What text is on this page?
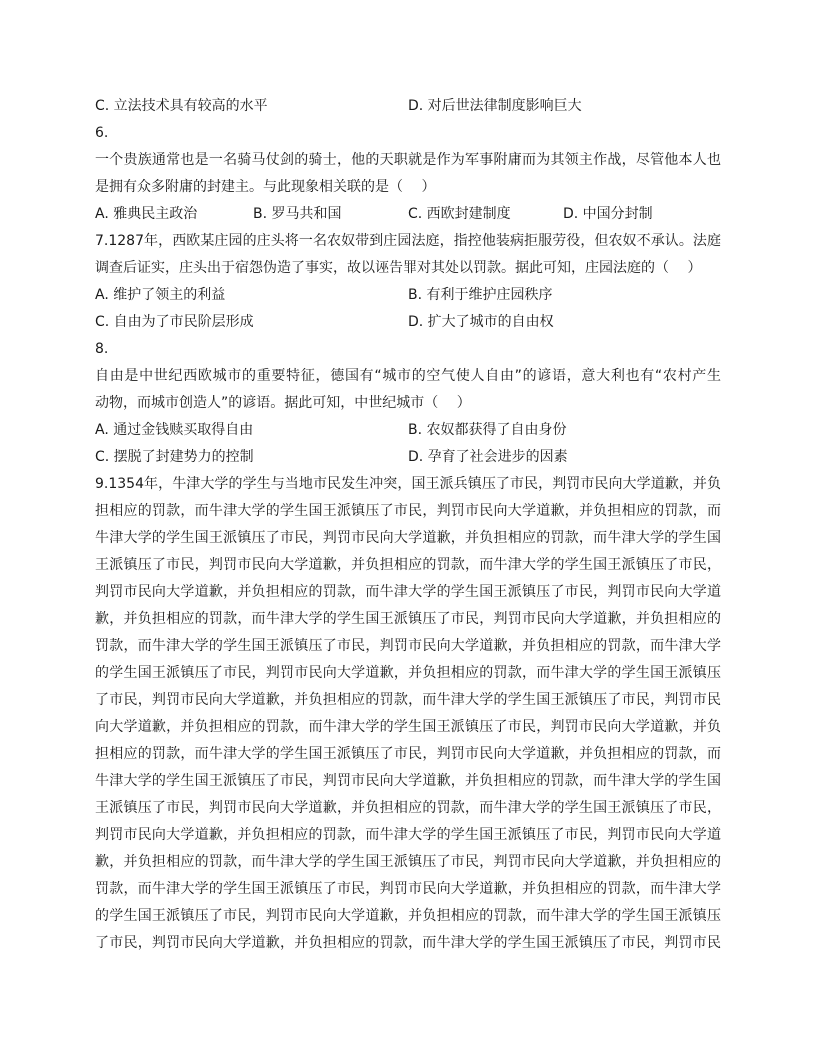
C. 立法技术具有较高的水平	D. 对后世法律制度影响巨大
6.
一个贵族通常也是一名骑马仗剑的骑士，他的天职就是作为军事附庸而为其领主作战，尽管他本人也
是拥有众多附庸的封建主。与此现象相关联的是（　 ）
A. 雅典民主政治	B. 罗马共和国	C. 西欧封建制度	D. 中国分封制
7.1287年，西欧某庄园的庄头将一名农奴带到庄园法庭，指控他装病拒服劳役，但农奴不承认。法庭
调查后证实，庄头出于宿怨伪造了事实，故以诬告罪对其处以罚款。据此可知，庄园法庭的（　 ）
A. 维护了领主的利益	B. 有利于维护庄园秩序
C. 自由为了市民阶层形成	D. 扩大了城市的自由权
8.
自由是中世纪西欧城市的重要特征，德国有“城市的空气使人自由”的谚语，意大利也有“农村产生
动物，而城市创造人”的谚语。据此可知，中世纪城市（　 ）
A. 通过金钱赎买取得自由	B. 农奴都获得了自由身份
C. 摆脱了封建势力的控制	D. 孕育了社会进步的因素
9.1354年，牛津大学的学生与当地市民发生冲突，国王派兵镇压了市民，判罚市民向大学道歉，并负
担相应的罚款，而牛津大学的学生国王派镇压了市民，判罚市民向大学道歉，并负担相应的罚款，而
牛津大学的学生国王派镇压了市民，判罚市民向大学道歉，并负担相应的罚款，而牛津大学的学生国
王派镇压了市民，判罚市民向大学道歉，并负担相应的罚款，而牛津大学的学生国王派镇压了市民，
判罚市民向大学道歉，并负担相应的罚款，而牛津大学的学生国王派镇压了市民，判罚市民向大学道
歉，并负担相应的罚款，而牛津大学的学生国王派镇压了市民，判罚市民向大学道歉，并负担相应的
罚款，而牛津大学的学生国王派镇压了市民，判罚市民向大学道歉，并负担相应的罚款，而牛津大学
的学生国王派镇压了市民，判罚市民向大学道歉，并负担相应的罚款，而牛津大学的学生国王派镇压
了市民，判罚市民向大学道歉，并负担相应的罚款，而牛津大学的学生国王派镇压了市民，判罚市民
向大学道歉，并负担相应的罚款，而牛津大学的学生国王派镇压了市民，判罚市民向大学道歉，并负
担相应的罚款，而牛津大学的学生国王派镇压了市民，判罚市民向大学道歉，并负担相应的罚款，而
牛津大学的学生国王派镇压了市民，判罚市民向大学道歉，并负担相应的罚款，而牛津大学的学生国
王派镇压了市民，判罚市民向大学道歉，并负担相应的罚款，而牛津大学的学生国王派镇压了市民，
判罚市民向大学道歉，并负担相应的罚款，而牛津大学的学生国王派镇压了市民，判罚市民向大学道
歉，并负担相应的罚款，而牛津大学的学生国王派镇压了市民，判罚市民向大学道歉，并负担相应的
罚款，而牛津大学的学生国王派镇压了市民，判罚市民向大学道歉，并负担相应的罚款，而牛津大学
的学生国王派镇压了市民，判罚市民向大学道歉，并负担相应的罚款，而牛津大学的学生国王派镇压
了市民，判罚市民向大学道歉，并负担相应的罚款，而牛津大学的学生国王派镇压了市民，判罚市民
